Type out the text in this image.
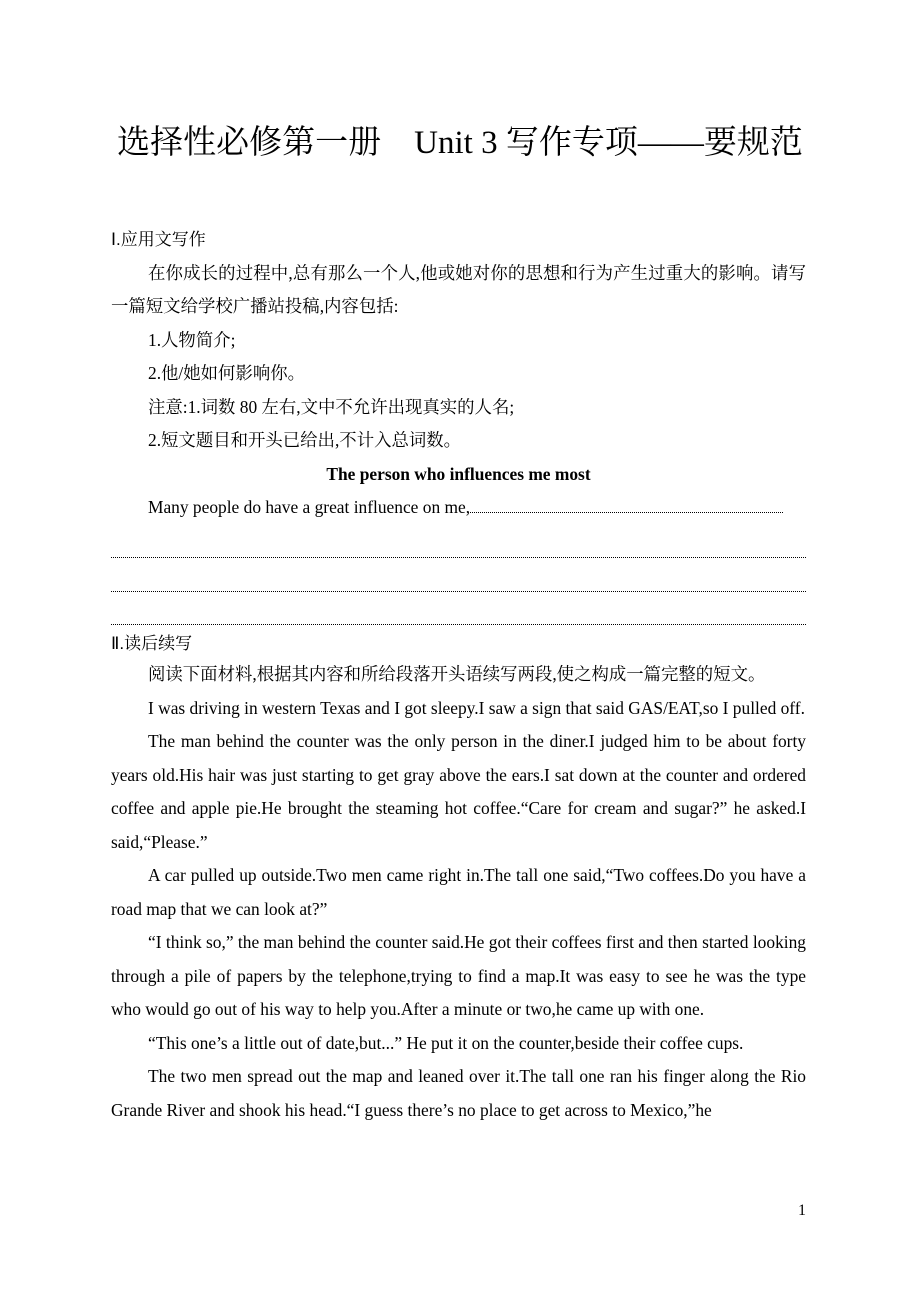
选择性必修第一册　Unit 3 写作专项——要规范

Ⅰ.应用文写作

在你成长的过程中,总有那么一个人,他或她对你的思想和行为产生过重大的影响。请写一篇短文给学校广播站投稿,内容包括:

1.人物简介;

2.他/她如何影响你。

注意:1.词数 80 左右,文中不允许出现真实的人名;

2.短文题目和开头已给出,不计入总词数。

The person who influences me most

Many people do have a great influence on me,

Ⅱ.读后续写

阅读下面材料,根据其内容和所给段落开头语续写两段,使之构成一篇完整的短文。

I was driving in western Texas and I got sleepy.I saw a sign that said GAS/EAT,so I pulled off.

The man behind the counter was the only person in the diner.I judged him to be about forty years old.His hair was just starting to get gray above the ears.I sat down at the counter and ordered coffee and apple pie.He brought the steaming hot coffee.“Care for cream and sugar?” he asked.I said,“Please.”

A car pulled up outside.Two men came right in.The tall one said,“Two coffees.Do you have a road map that we can look at?”

“I think so,” the man behind the counter said.He got their coffees first and then started looking through a pile of papers by the telephone,trying to find a map.It was easy to see he was the type who would go out of his way to help you.After a minute or two,he came up with one.

“This one’s a little out of date,but...” He put it on the counter,beside their coffee cups.

The two men spread out the map and leaned over it.The tall one ran his finger along the Rio Grande River and shook his head.“I guess there’s no place to get across to Mexico,”he

1
